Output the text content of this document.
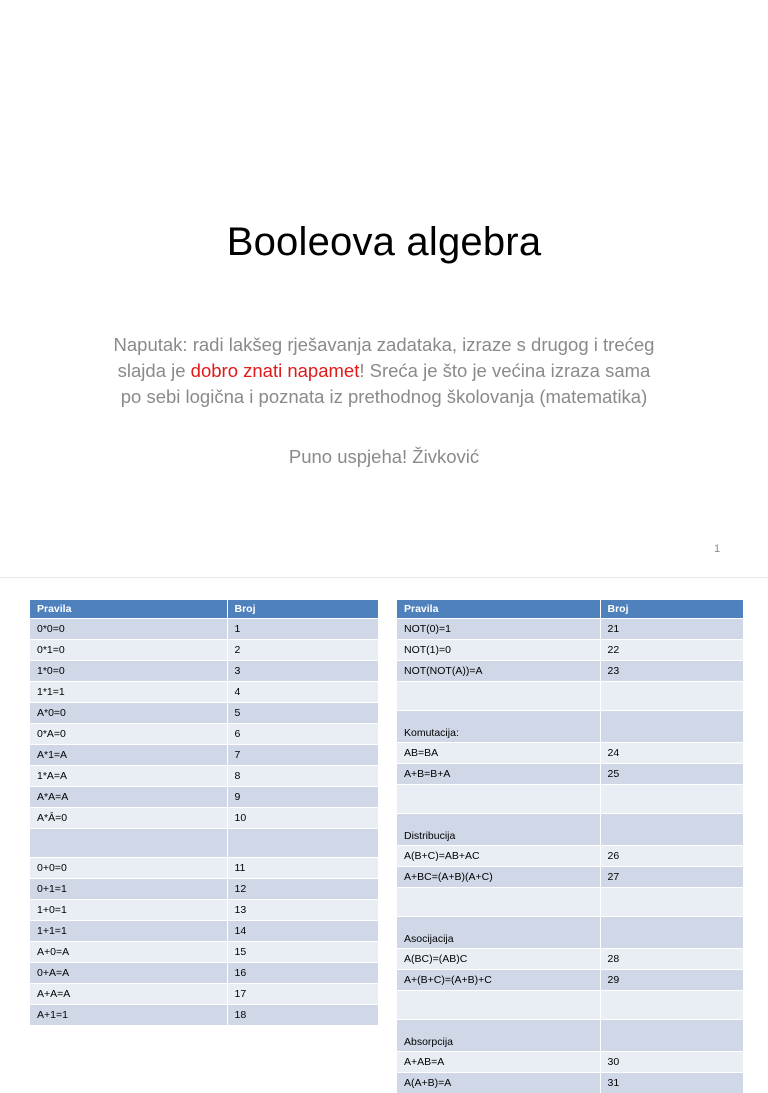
Booleova algebra
Naputak: radi lakšeg rješavanja zadataka, izraze s drugog i trećeg slajda je dobro znati napamet! Sreća je što je većina izraza sama po sebi logična i poznata iz prethodnog školovanja (matematika)
Puno uspjeha! Živković
1
Pravila	Broj
0*0=0	1
0*1=0	2
1*0=0	3
1*1=1	4
A*0=0	5
0*A=0	6
A*1=A	7
1*A=A	8
A*A=A	9
A*Ā=0	10

0+0=0	11
0+1=1	12
1+0=1	13
1+1=1	14
A+0=A	15
0+A=A	16
A+A=A	17
A+1=1	18
Pravila	Broj
NOT(0)=1	21
NOT(1)=0	22
NOT(NOT(A))=A	23

Komutacija:	
AB=BA	24
A+B=B+A	25

Distribucija	
A(B+C)=AB+AC	26
A+BC=(A+B)(A+C)	27

Asocijacija	
A(BC)=(AB)C	28
A+(B+C)=(A+B)+C	29

Absorpcija	
A+AB=A	30
A(A+B)=A	31
